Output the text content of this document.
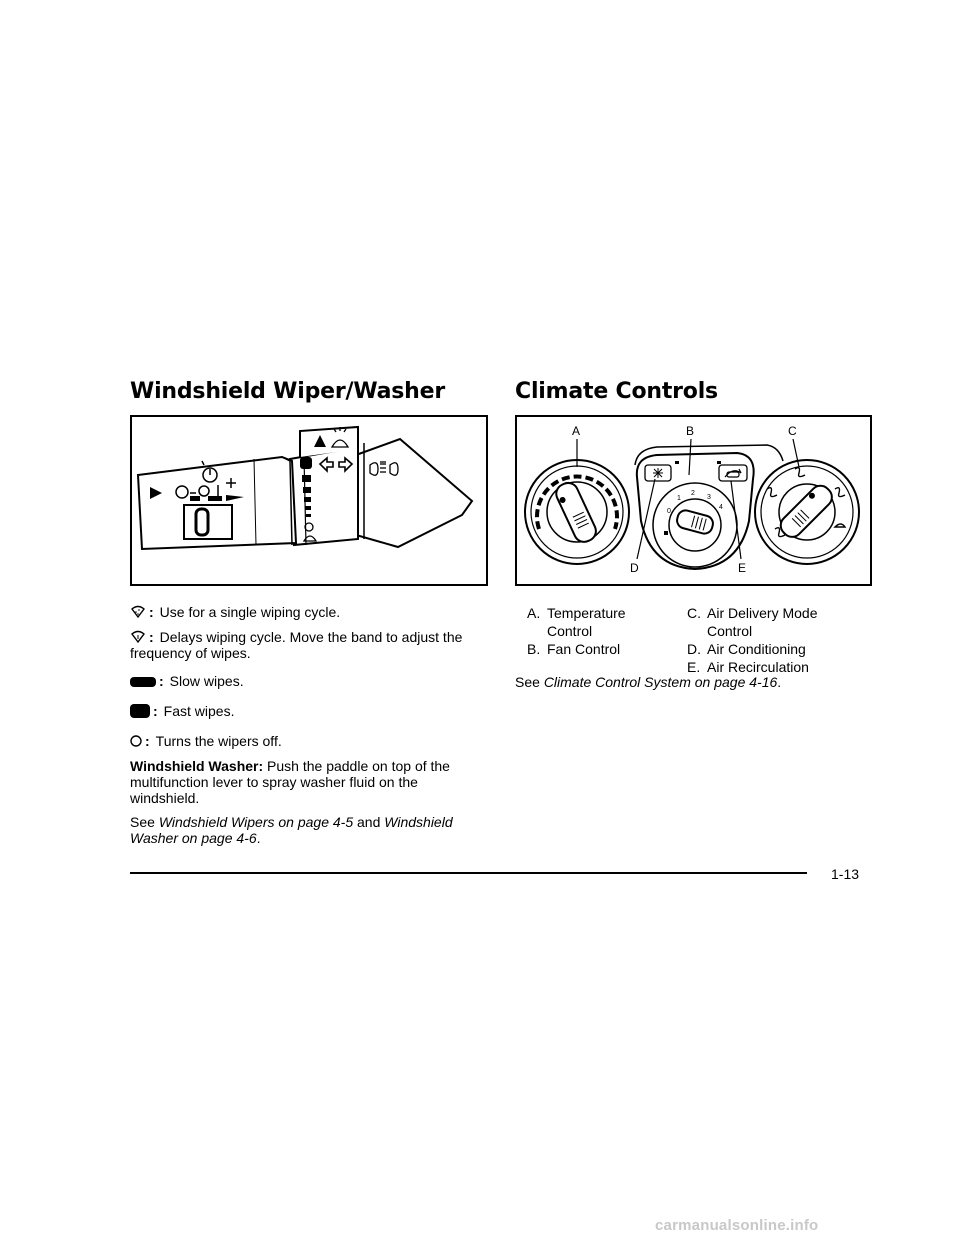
Windshield Wiper/Washer

: Use for a single wiping cycle.

: Delays wiping cycle. Move the band to adjust the frequency of wipes.

: Slow wipes.

: Fast wipes.

: Turns the wipers off.

Windshield Washer: Push the paddle on top of the multifunction lever to spray washer fluid on the windshield.

See Windshield Wipers on page 4-5 and Windshield
Washer on page 4-6.

Climate Controls
0
1
2
3
4
A	B	C
D	E
A. Temperature
Control
B. Fan Control
C. Air Delivery Mode
Control
D. Air Conditioning
E. Air Recirculation

See Climate Control System on page 4-16.

1-13
carmanualsonline.info
